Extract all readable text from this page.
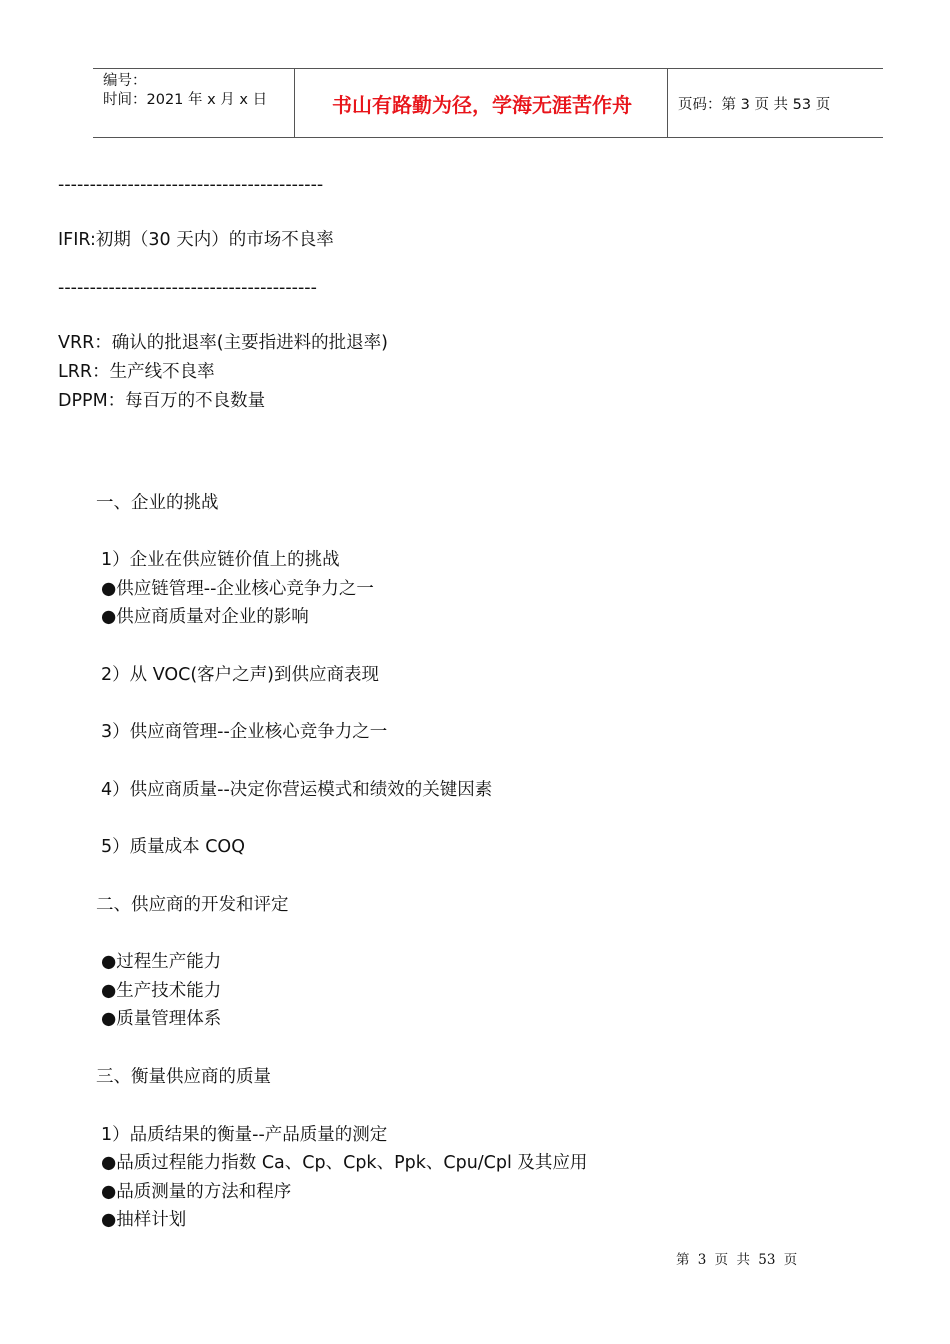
编号：
时间：2021 年 x 月 x 日	书山有路勤为径，学海无涯苦作舟	页码：第 3 页 共 53 页
------------------------------------------
IFIR:初期（30 天内）的市场不良率
-----------------------------------------
VRR：确认的批退率(主要指进料的批退率)
LRR：生产线不良率
DPPM：每百万的不良数量
一、企业的挑战
1）企业在供应链价值上的挑战
●供应链管理--企业核心竞争力之一
●供应商质量对企业的影响
2）从 VOC(客户之声)到供应商表现
3）供应商管理--企业核心竞争力之一
4）供应商质量--决定你营运模式和绩效的关键因素
5）质量成本 COQ
二、供应商的开发和评定
●过程生产能力
●生产技术能力
●质量管理体系
三、衡量供应商的质量
1）品质结果的衡量--产品质量的测定
●品质过程能力指数 Ca、Cp、Cpk、Ppk、Cpu/Cpl 及其应用
●品质测量的方法和程序
●抽样计划
第 3 页 共 53 页
